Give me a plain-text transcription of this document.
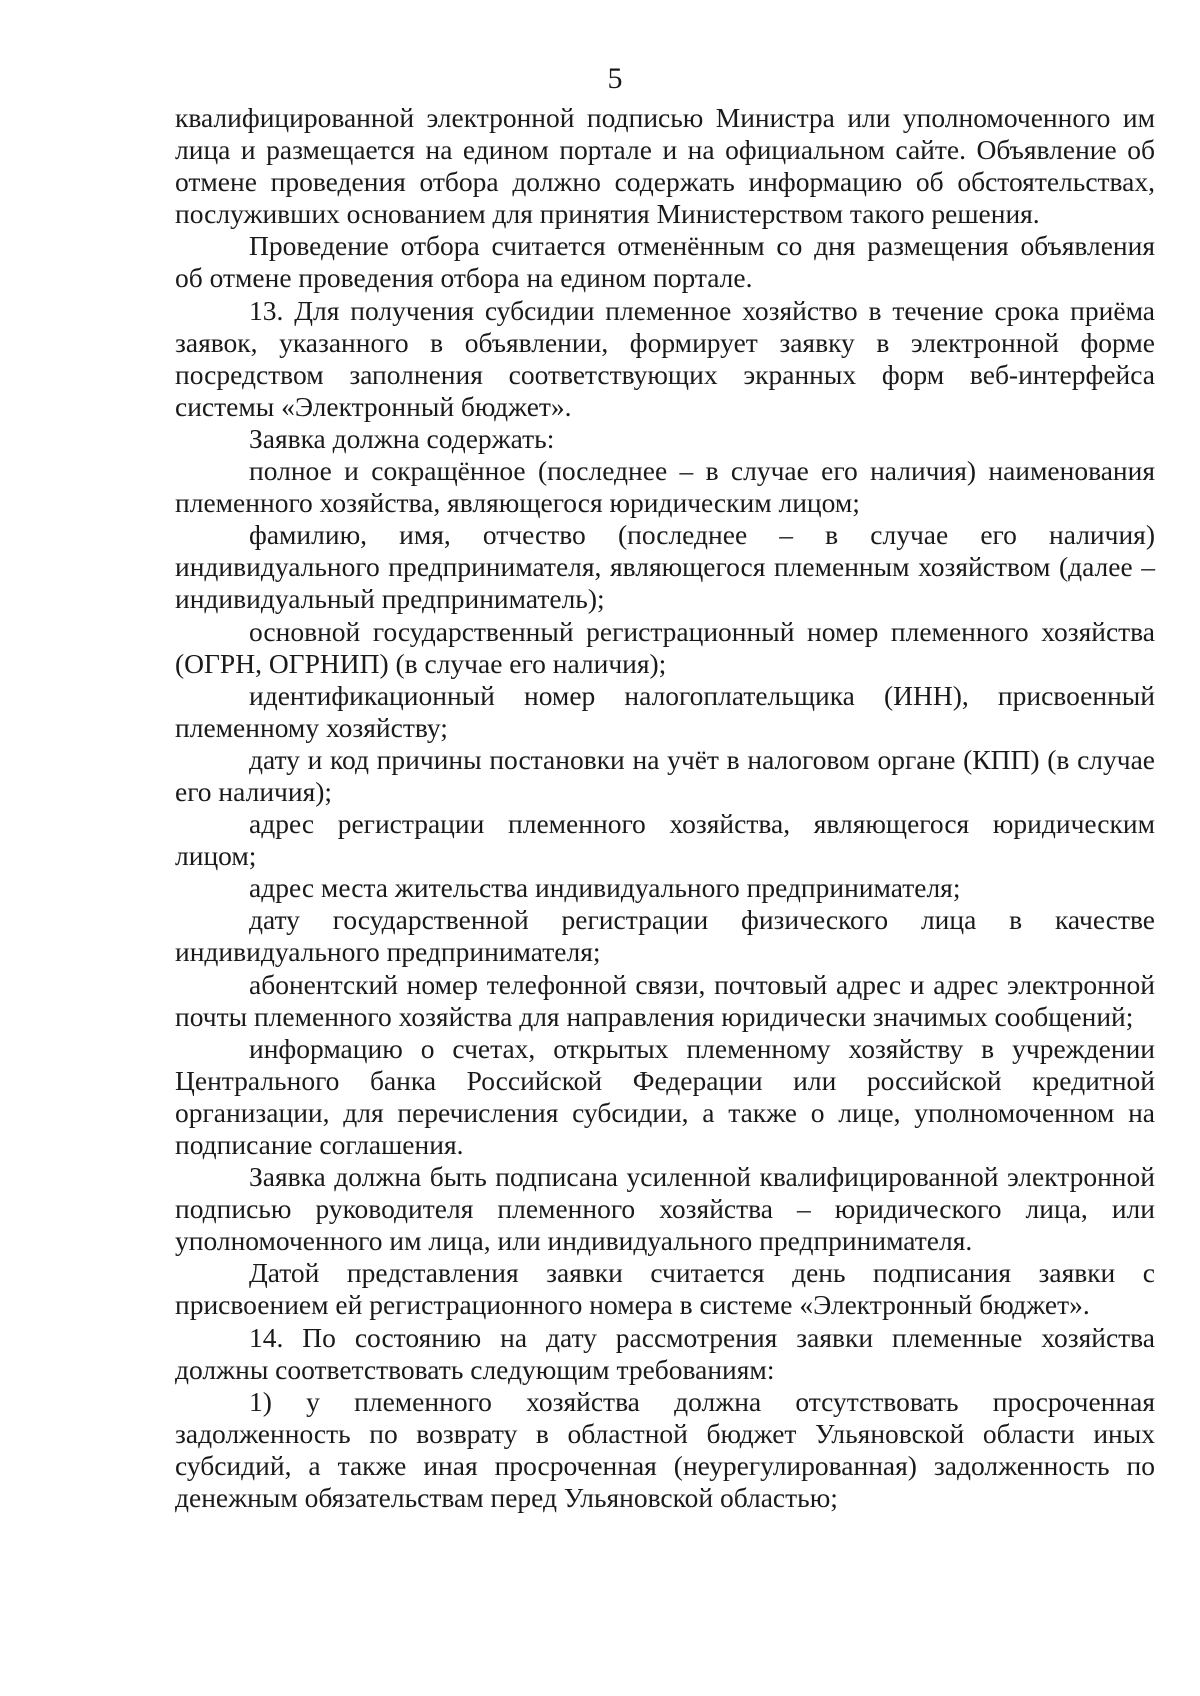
5

квалифицированной электронной подписью Министра или уполномоченного им лица и размещается на едином портале и на официальном сайте. Объявление об отмене проведения отбора должно содержать информацию об обстоятельствах, послуживших основанием для принятия Министерством такого решения.

Проведение отбора считается отменённым со дня размещения объявления об отмене проведения отбора на едином портале.

13. Для получения субсидии племенное хозяйство в течение срока приёма заявок, указанного в объявлении, формирует заявку в электронной форме посредством заполнения соответствующих экранных форм веб-интерфейса системы «Электронный бюджет».

Заявка должна содержать:

полное и сокращённое (последнее – в случае его наличия) наименования племенного хозяйства, являющегося юридическим лицом;

фамилию, имя, отчество (последнее – в случае его наличия) индивидуального предпринимателя, являющегося племенным хозяйством (далее – индивидуальный предприниматель);

основной государственный регистрационный номер племенного хозяйства (ОГРН, ОГРНИП) (в случае его наличия);

идентификационный номер налогоплательщика (ИНН), присвоенный племенному хозяйству;

дату и код причины постановки на учёт в налоговом органе (КПП) (в случае его наличия);

адрес регистрации племенного хозяйства, являющегося юридическим лицом;

адрес места жительства индивидуального предпринимателя;

дату государственной регистрации физического лица в качестве индивидуального предпринимателя;

абонентский номер телефонной связи, почтовый адрес и адрес электронной почты племенного хозяйства для направления юридически значимых сообщений;

информацию о счетах, открытых племенному хозяйству в учреждении Центрального банка Российской Федерации или российской кредитной организации, для перечисления субсидии, а также о лице, уполномоченном на подписание соглашения.

Заявка должна быть подписана усиленной квалифицированной электронной подписью руководителя племенного хозяйства – юридического лица, или уполномоченного им лица, или индивидуального предпринимателя.

Датой представления заявки считается день подписания заявки с присвоением ей регистрационного номера в системе «Электронный бюджет».

14. По состоянию на дату рассмотрения заявки племенные хозяйства должны соответствовать следующим требованиям:

1) у племенного хозяйства должна отсутствовать просроченная задолженность по возврату в областной бюджет Ульяновской области иных субсидий, а также иная просроченная (неурегулированная) задолженность по денежным обязательствам перед Ульяновской областью;
